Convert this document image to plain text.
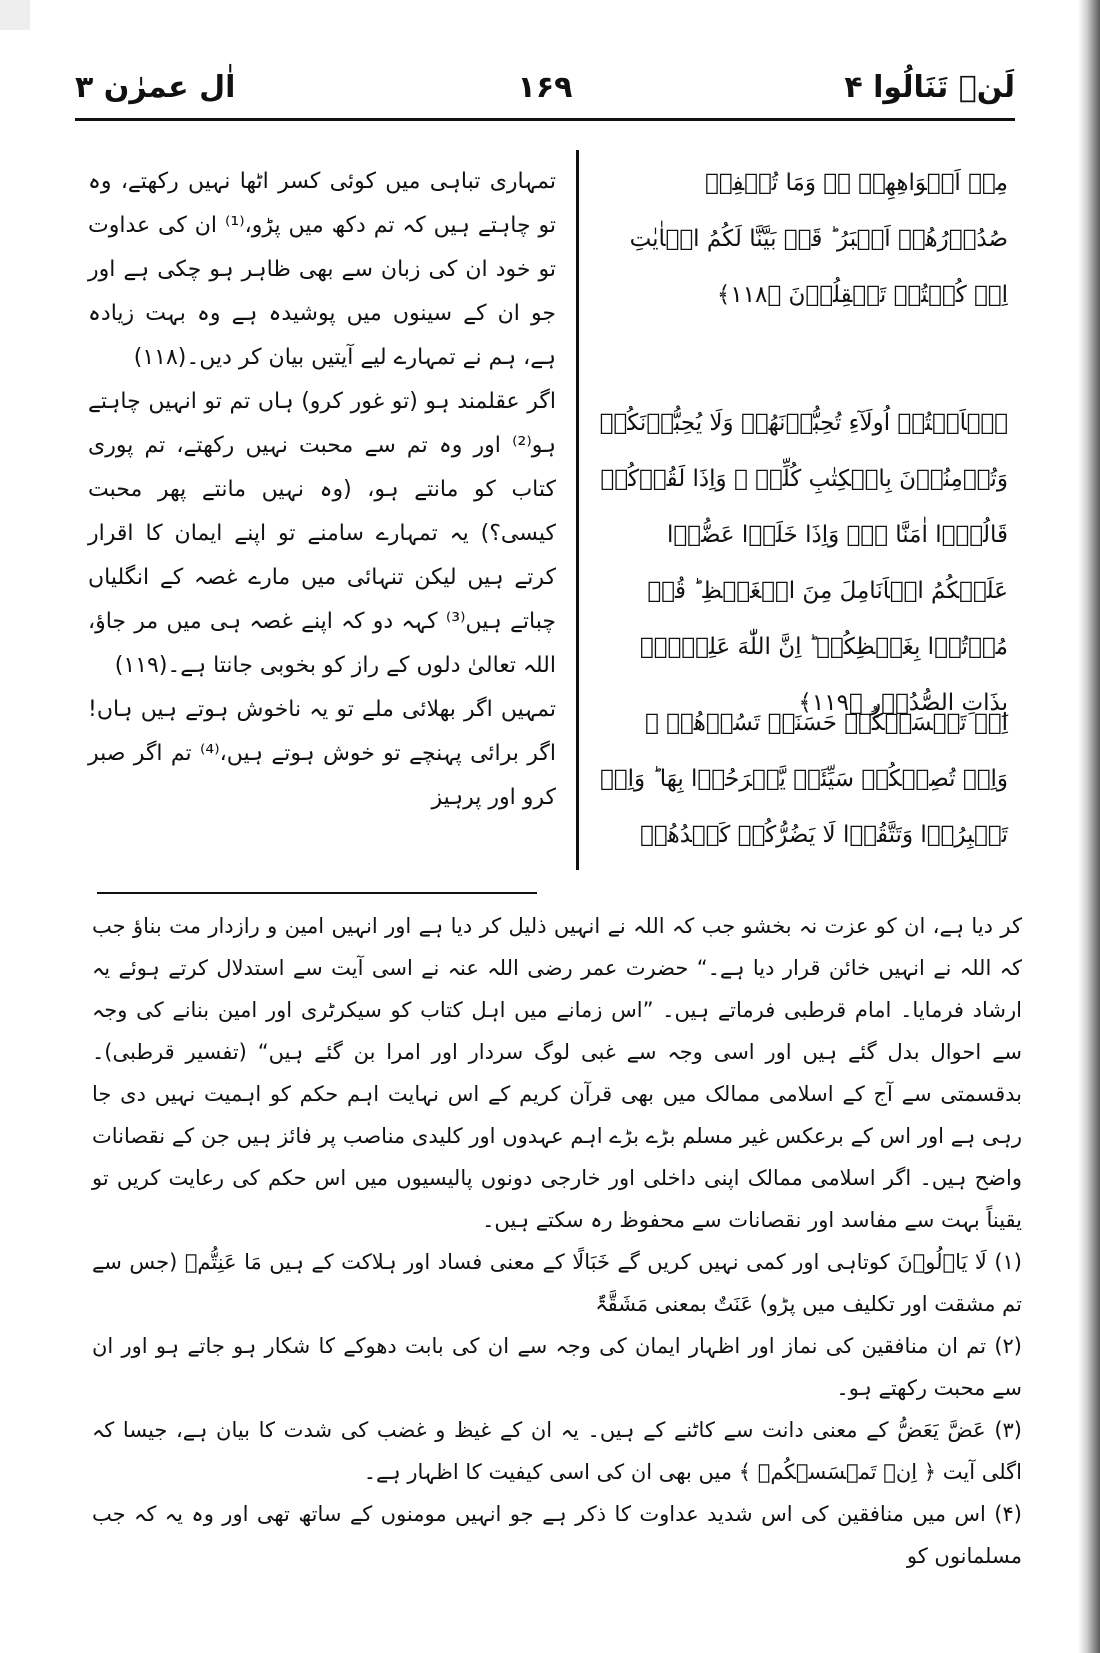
لَنۡ تَنَالُوا ۴
۱۶۹
اٰل عمرٰن ۳
مِنۡ اَفۡوَاهِهِمۡ ۚۖ وَمَا تُخۡفِیۡ صُدُوۡرُهُمۡ اَکۡبَرُ ؕ قَدۡ بَیَّنَّا لَکُمُ الۡاٰیٰتِ اِنۡ کُنۡتُمۡ تَعۡقِلُوۡنَ ﴿۱۱۸﴾
هٰۤاَنۡتُمۡ اُولَآءِ تُحِبُّوۡنَهُمۡ وَلَا یُحِبُّوۡنَکُمۡ وَتُؤۡمِنُوۡنَ بِالۡکِتٰبِ کُلِّهٖ ۚ وَاِذَا لَقُوۡکُمۡ قَالُوۡۤا اٰمَنَّا ۚ٭ۖ وَاِذَا خَلَوۡا عَضُّوۡا عَلَیۡکُمُ الۡاَنَامِلَ مِنَ الۡغَیۡظِ ؕ قُلۡ مُوۡتُوۡا بِغَیۡظِکُمۡ ؕ اِنَّ اللّٰهَ عَلِیۡمٌۢ بِذَاتِ الصُّدُوۡرِ ﴿۱۱۹﴾
اِنۡ تَمۡسَسۡکُمۡ حَسَنَۃٌ تَسُؤۡهُمۡ ۫ وَاِنۡ تُصِبۡکُمۡ سَیِّئَۃٌ یَّفۡرَحُوۡا بِهَا ؕ وَاِنۡ تَصۡبِرُوۡا وَتَتَّقُوۡا لَا یَضُرُّکُمۡ کَیۡدُهُمۡ

تمہاری تباہی میں کوئی کسر اٹھا نہیں رکھتے، وہ تو چاہتے ہیں کہ تم دکھ میں پڑو،⁽¹⁾ ان کی عداوت تو خود ان کی زبان سے بھی ظاہر ہو چکی ہے اور جو ان کے سینوں میں پوشیدہ ہے وہ بہت زیادہ ہے، ہم نے تمہارے لیے آیتیں بیان کر دیں۔(۱۱۸)

اگر عقلمند ہو (تو غور کرو) ہاں تم تو انہیں چاہتے ہو⁽²⁾ اور وہ تم سے محبت نہیں رکھتے، تم پوری کتاب کو مانتے ہو، (وہ نہیں مانتے پھر محبت کیسی؟) یہ تمہارے سامنے تو اپنے ایمان کا اقرار کرتے ہیں لیکن تنہائی میں مارے غصہ کے انگلیاں چباتے ہیں⁽³⁾ کہہ دو کہ اپنے غصہ ہی میں مر جاؤ، اللہ تعالیٰ دلوں کے راز کو بخوبی جانتا ہے۔(۱۱۹)

تمہیں اگر بھلائی ملے تو یہ ناخوش ہوتے ہیں ہاں! اگر برائی پہنچے تو خوش ہوتے ہیں،⁽⁴⁾ تم اگر صبر کرو اور پرہیز

کر دیا ہے، ان کو عزت نہ بخشو جب کہ اللہ نے انہیں ذلیل کر دیا ہے اور انہیں امین و رازدار مت بناؤ جب کہ اللہ نے انہیں خائن قرار دیا ہے۔“ حضرت عمر رضی اللہ عنہ نے اسی آیت سے استدلال کرتے ہوئے یہ ارشاد فرمایا۔ امام قرطبی فرماتے ہیں۔ ”اس زمانے میں اہل کتاب کو سیکرٹری اور امین بنانے کی وجہ سے احوال بدل گئے ہیں اور اسی وجہ سے غبی لوگ سردار اور امرا بن گئے ہیں“ (تفسیر قرطبی)۔ بدقسمتی سے آج کے اسلامی ممالک میں بھی قرآن کریم کے اس نہایت اہم حکم کو اہمیت نہیں دی جا رہی ہے اور اس کے برعکس غیر مسلم بڑے بڑے اہم عہدوں اور کلیدی مناصب پر فائز ہیں جن کے نقصانات واضح ہیں۔ اگر اسلامی ممالک اپنی داخلی اور خارجی دونوں پالیسیوں میں اس حکم کی رعایت کریں تو یقیناً بہت سے مفاسد اور نقصانات سے محفوظ رہ سکتے ہیں۔

(۱) لَا یَاۡلُوۡنَ کوتاہی اور کمی نہیں کریں گے خَبَالًا کے معنی فساد اور ہلاکت کے ہیں مَا عَنِتُّمۡ (جس سے تم مشقت اور تکلیف میں پڑو) عَنَتٌ بمعنی مَشَقَّۃٌ

(۲) تم ان منافقین کی نماز اور اظہار ایمان کی وجہ سے ان کی بابت دھوکے کا شکار ہو جاتے ہو اور ان سے محبت رکھتے ہو۔

(۳) عَضَّ یَعَضُّ کے معنی دانت سے کاٹنے کے ہیں۔ یہ ان کے غیظ و غضب کی شدت کا بیان ہے، جیسا کہ اگلی آیت ﴿ اِنۡ تَمۡسَسۡکُمۡ ﴾ میں بھی ان کی اسی کیفیت کا اظہار ہے۔

(۴) اس میں منافقین کی اس شدید عداوت کا ذکر ہے جو انہیں مومنوں کے ساتھ تھی اور وہ یہ کہ جب مسلمانوں کو
